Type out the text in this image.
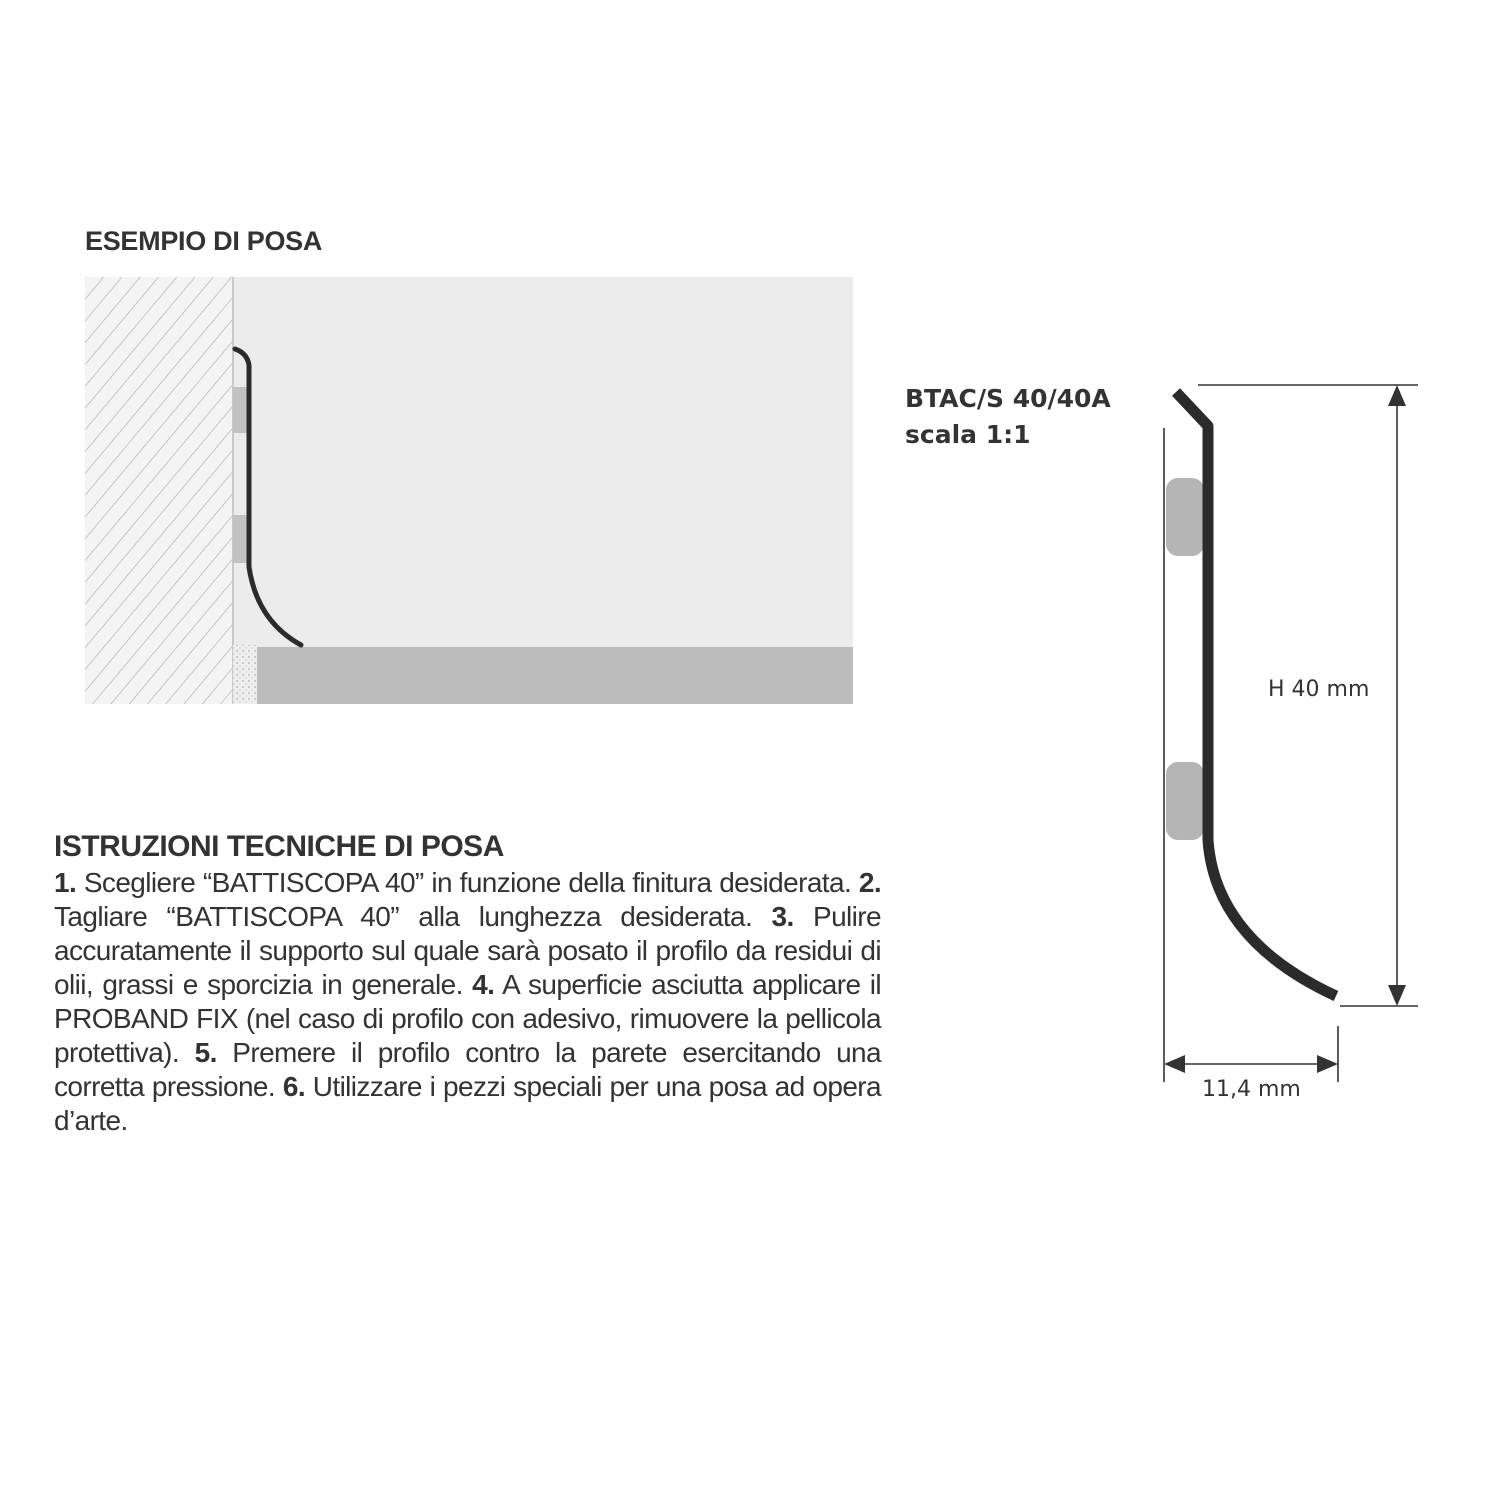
ESEMPIO DI POSA
BTAC/S 40/40A
scala 1:1
H 40 mm
11,4 mm
ISTRUZIONI TECNICHE DI POSA
1. Scegliere “BATTISCOPA 40” in funzione della finitura desiderata. 2. Tagliare “BATTISCOPA 40” alla lunghezza desiderata. 3. Pulire accuratamente il supporto sul quale sarà posato il profilo da residui di olii, grassi e sporcizia in generale. 4. A superficie asciutta applicare il PROBAND FIX (nel caso di profilo con adesivo, rimuovere la pellicola protettiva). 5. Premere il profilo contro la parete esercitando una corretta pressione. 6. Utilizzare i pezzi speciali per una posa ad opera d’arte.
